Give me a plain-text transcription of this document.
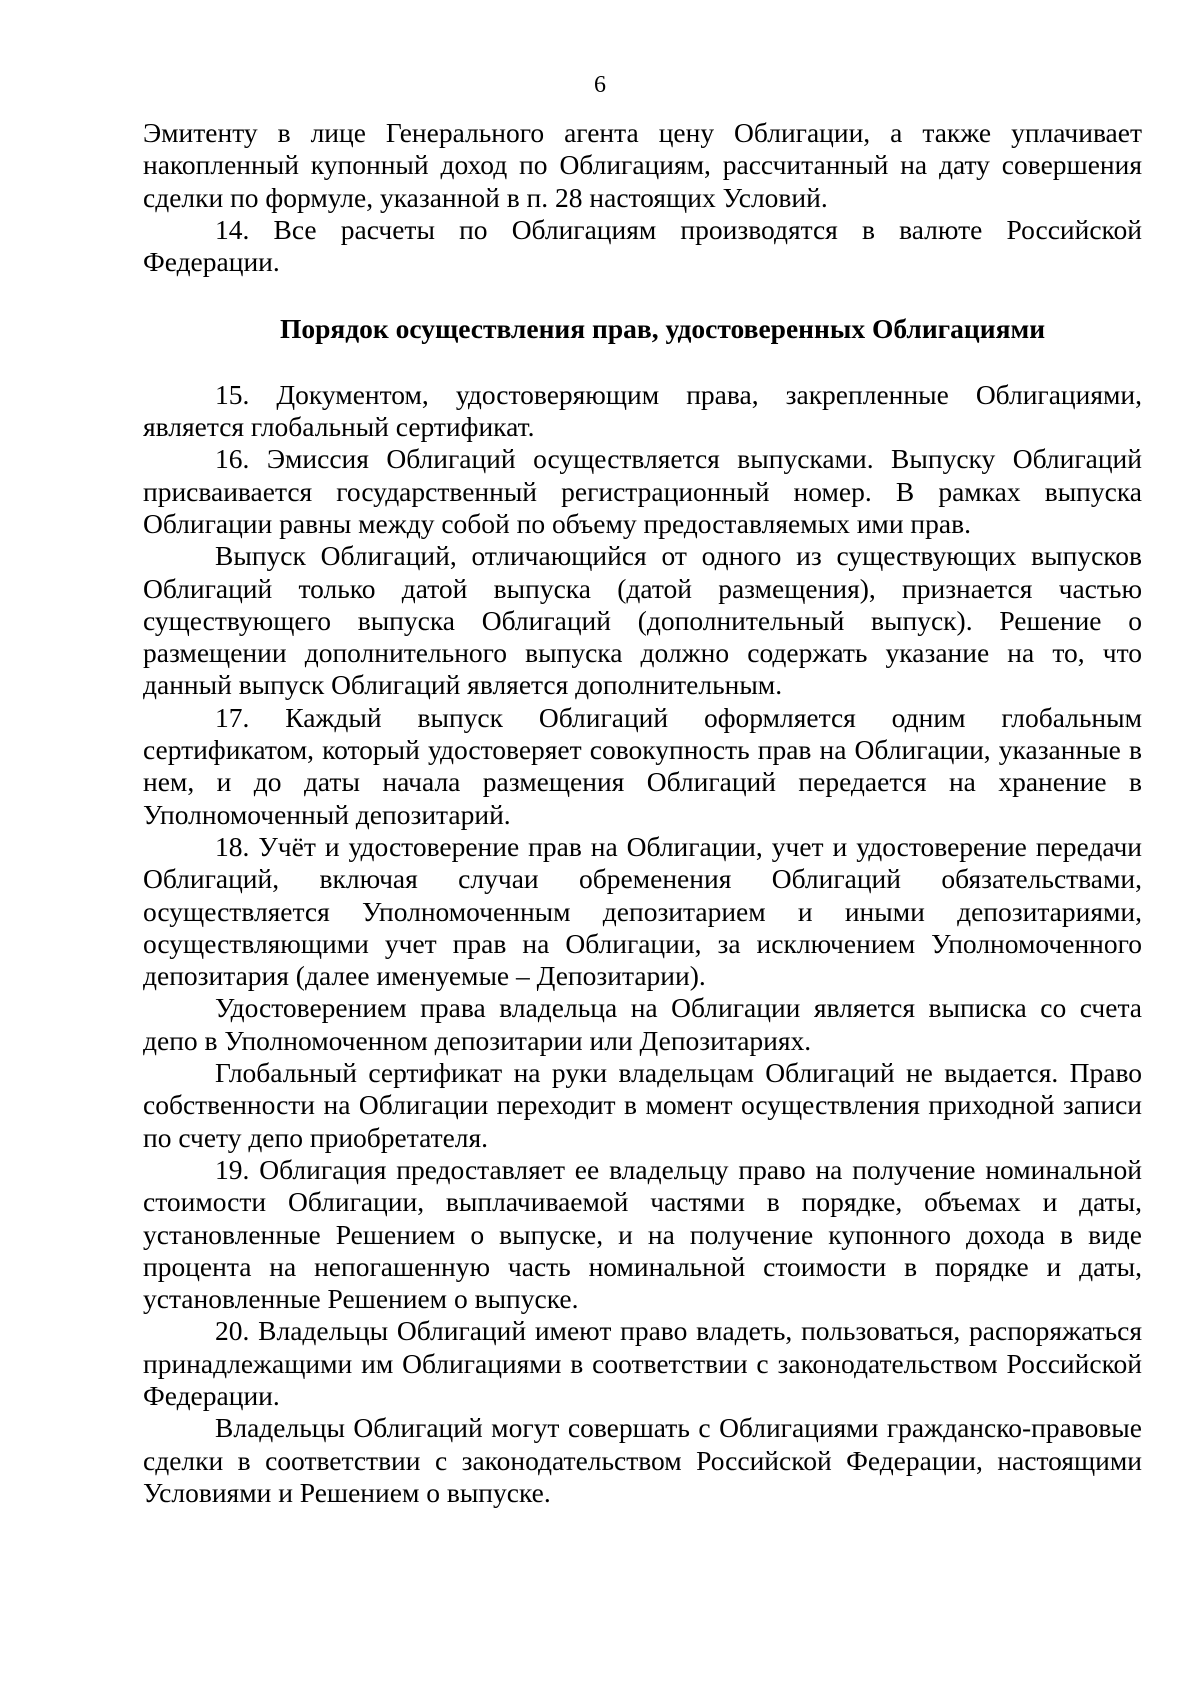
6

Эмитенту в лице Генерального агента цену Облигации, а также уплачивает накопленный купонный доход по Облигациям, рассчитанный на дату совершения сделки по формуле, указанной в п. 28 настоящих Условий.

14. Все расчеты по Облигациям производятся в валюте Российской Федерации.

Порядок осуществления прав, удостоверенных Облигациями

15. Документом, удостоверяющим права, закрепленные Облигациями, является глобальный сертификат.

16. Эмиссия Облигаций осуществляется выпусками. Выпуску Облигаций присваивается государственный регистрационный номер. В рамках выпуска Облигации равны между собой по объему предоставляемых ими прав.

Выпуск Облигаций, отличающийся от одного из существующих выпусков Облигаций только датой выпуска (датой размещения), признается частью существующего выпуска Облигаций (дополнительный выпуск). Решение о размещении дополнительного выпуска должно содержать указание на то, что данный выпуск Облигаций является дополнительным.

17. Каждый выпуск Облигаций оформляется одним глобальным сертификатом, который удостоверяет совокупность прав на Облигации, указанные в нем, и до даты начала размещения Облигаций передается на хранение в Уполномоченный депозитарий.

18. Учёт и удостоверение прав на Облигации, учет и удостоверение передачи Облигаций, включая случаи обременения Облигаций обязательствами, осуществляется Уполномоченным депозитарием и иными депозитариями, осуществляющими учет прав на Облигации, за исключением Уполномоченного депозитария (далее именуемые – Депозитарии).

Удостоверением права владельца на Облигации является выписка со счета депо в Уполномоченном депозитарии или Депозитариях.

Глобальный сертификат на руки владельцам Облигаций не выдается. Право собственности на Облигации переходит в момент осуществления приходной записи по счету депо приобретателя.

19. Облигация предоставляет ее владельцу право на получение номинальной стоимости Облигации, выплачиваемой частями в порядке, объемах и даты, установленные Решением о выпуске, и на получение купонного дохода в виде процента на непогашенную часть номинальной стоимости в порядке и даты, установленные Решением о выпуске.

20. Владельцы Облигаций имеют право владеть, пользоваться, распоряжаться принадлежащими им Облигациями в соответствии с законодательством Российской Федерации.

Владельцы Облигаций могут совершать с Облигациями гражданско-правовые сделки в соответствии с законодательством Российской Федерации, настоящими Условиями и Решением о выпуске.
